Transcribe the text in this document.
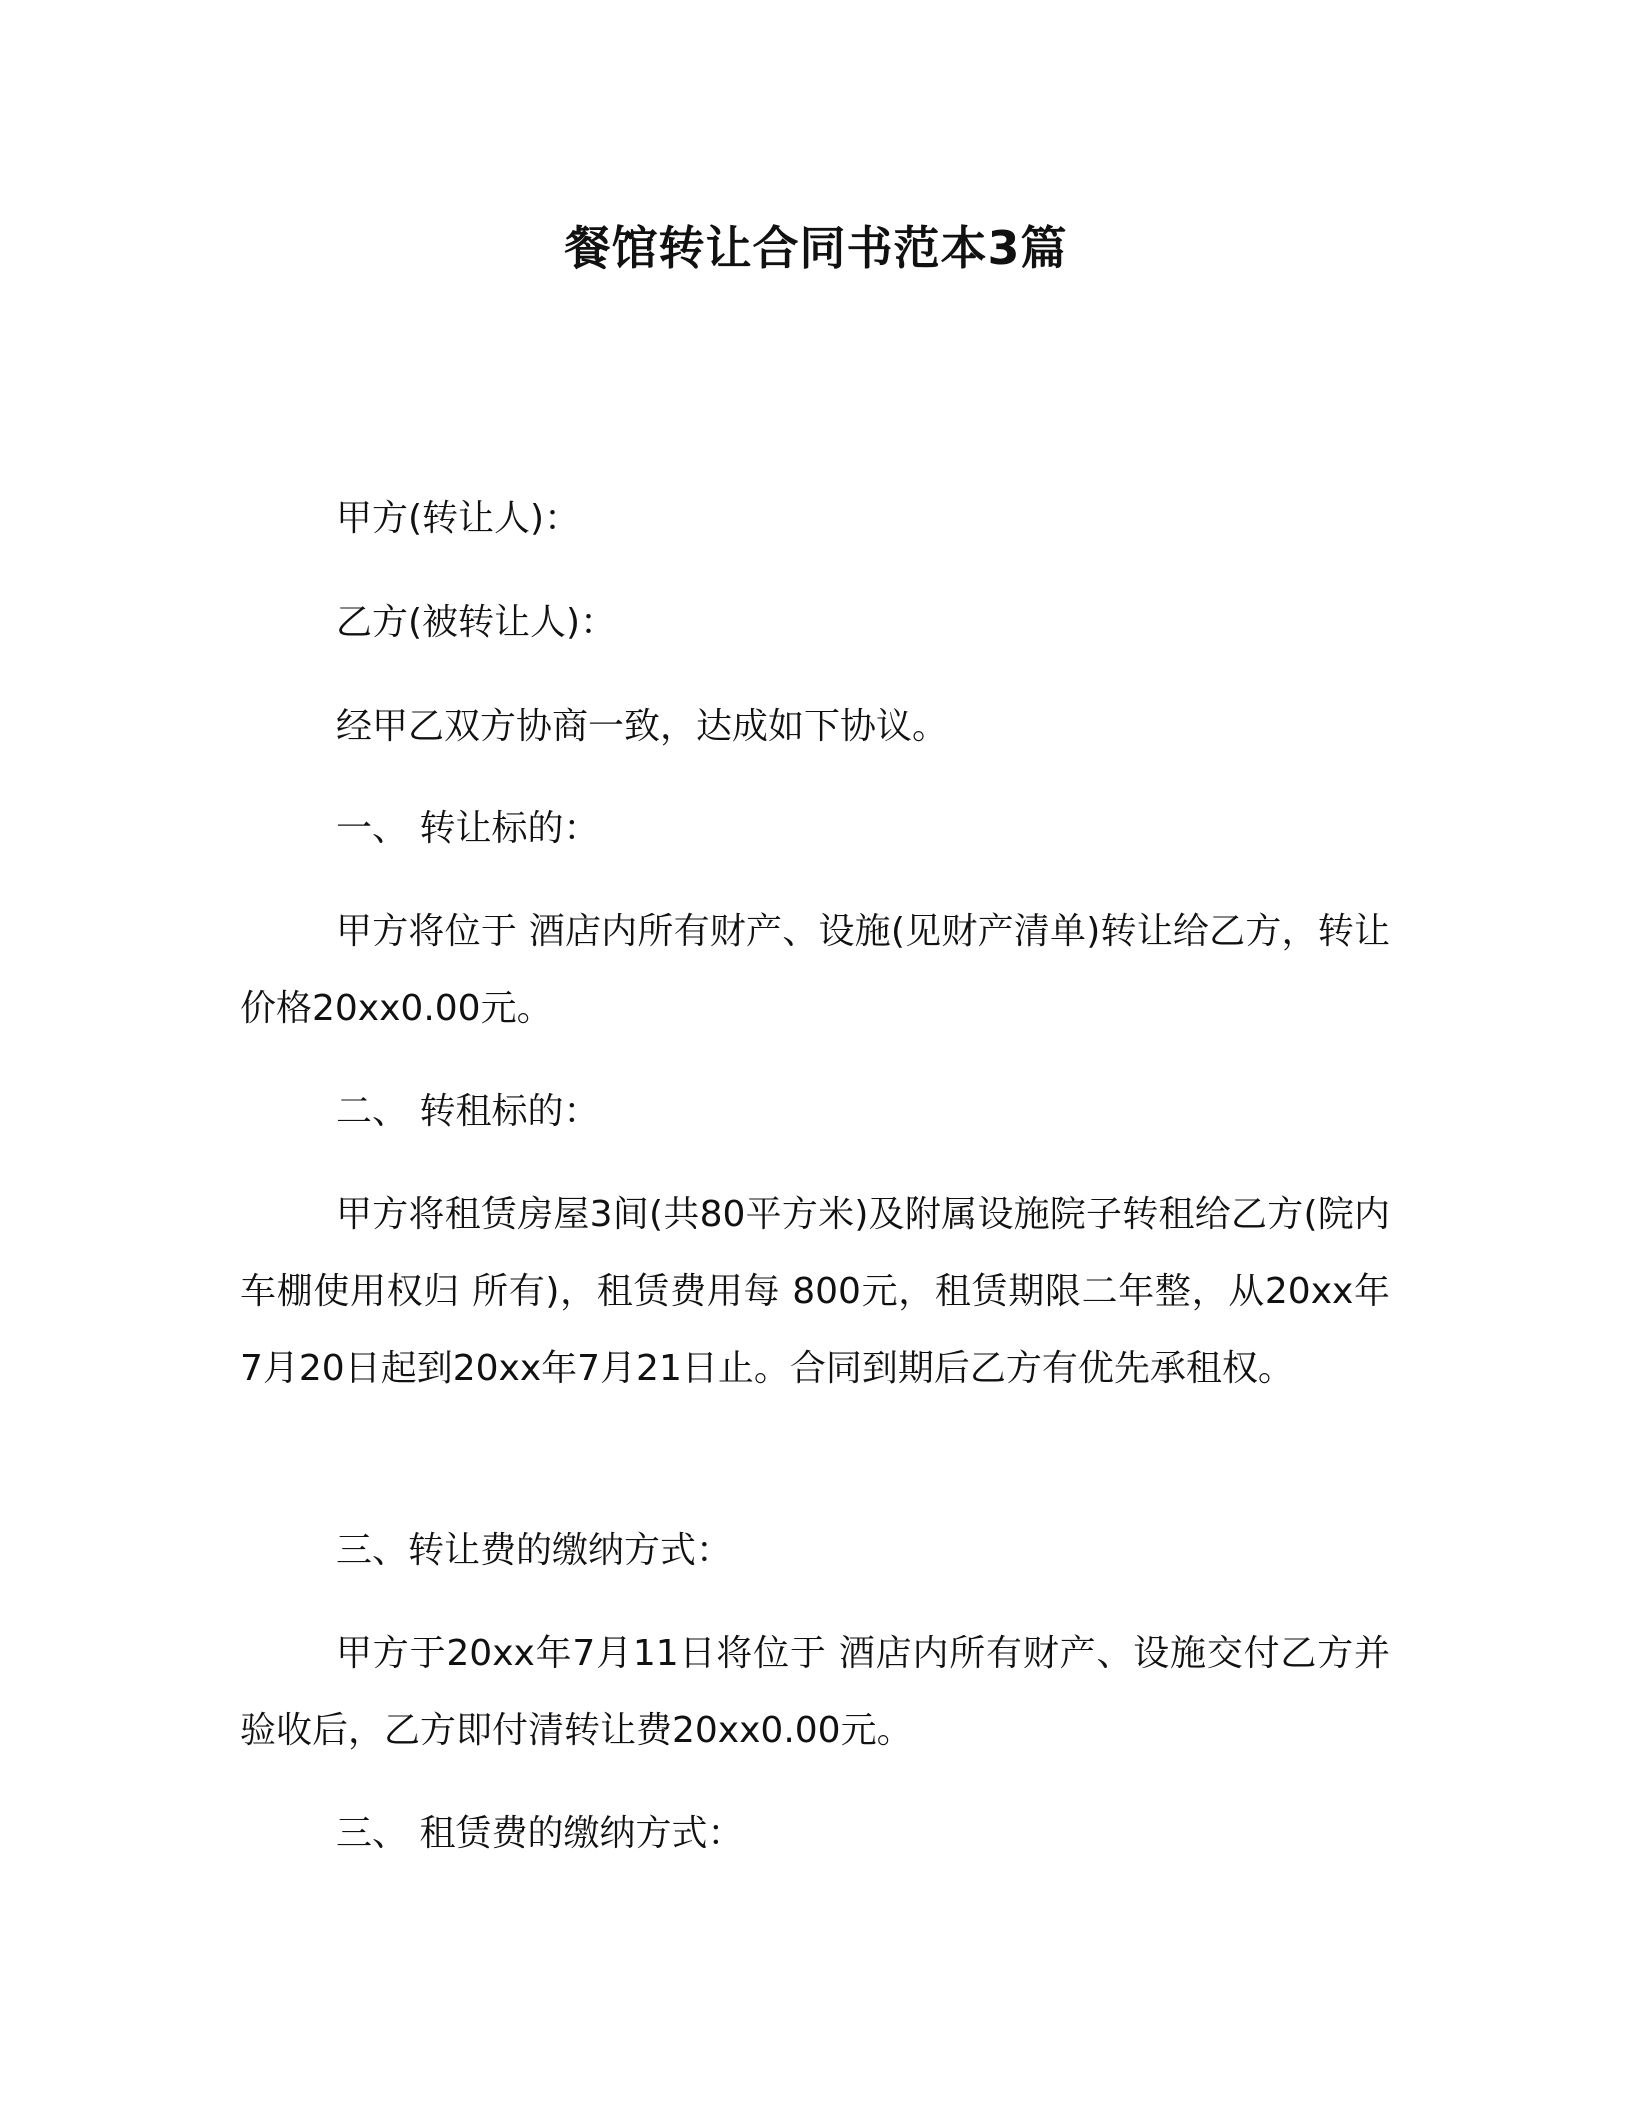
餐馆转让合同书范本3篇

甲方(转让人)：

乙方(被转让人)：

经甲乙双方协商一致，达成如下协议。

一、 转让标的：

甲方将位于 酒店内所有财产、设施(见财产清单)转让给乙方，转让价格20xx0.00元。

二、 转租标的：

甲方将租赁房屋3间(共80平方米)及附属设施院子转租给乙方(院内车棚使用权归 所有)，租赁费用每 800元，租赁期限二年整，从20xx年7月20日起到20xx年7月21日止。合同到期后乙方有优先承租权。

三、转让费的缴纳方式：

甲方于20xx年7月11日将位于 酒店内所有财产、设施交付乙方并验收后，乙方即付清转让费20xx0.00元。

三、 租赁费的缴纳方式：
